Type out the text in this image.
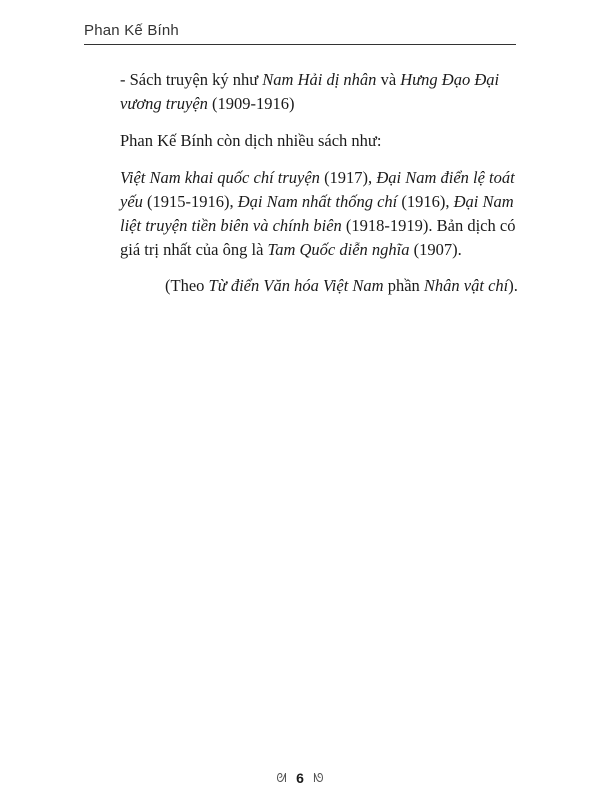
Phan Kế Bính

- Sách truyện ký như Nam Hải dị nhân và Hưng Đạo Đại vương truyện (1909-1916)

Phan Kế Bính còn dịch nhiều sách như:

Việt Nam khai quốc chí truyện (1917), Đại Nam điển lệ toát yếu (1915-1916), Đại Nam nhất thống chí (1916), Đại Nam liệt truyện tiền biên và chính biên (1918-1919). Bản dịch có giá trị nhất của ông là Tam Quốc diễn nghĩa (1907).

(Theo Từ điển Văn hóa Việt Nam phần Nhân vật chí).
ᘛ 6 ᘚ
